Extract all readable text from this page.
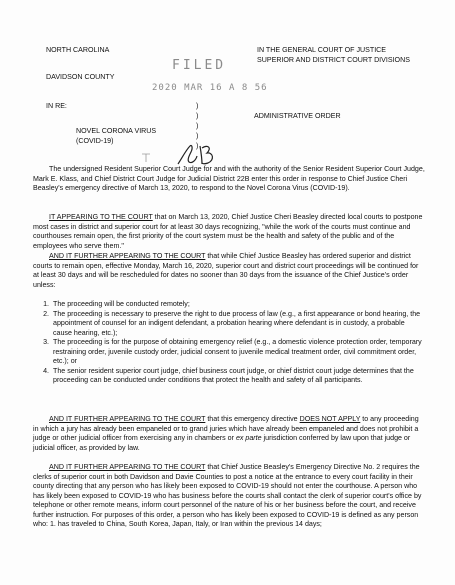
NORTH CAROLINA
DAVIDSON COUNTY
IN THE GENERAL COURT OF JUSTICE
SUPERIOR AND DISTRICT COURT DIVISIONS
IN RE:
NOVEL CORONA VIRUS
(COVID-19)
)
)
)
)
)
ADMINISTRATIVE ORDER
FILED
2020 MAR 16 A 8 56
The undersigned Resident Superior Court Judge for and with the authority of the Senior Resident Superior Court Judge, Mark E. Klass, and Chief District Court Judge for Judicial District 22B enter this order in response to Chief Justice Cheri Beasley's emergency directive of March 13, 2020, to respond to the Novel Corona Virus (COVID-19).
IT APPEARING TO THE COURT that on March 13, 2020, Chief Justice Cheri Beasley directed local courts to postpone most cases in district and superior court for at least 30 days recognizing, "while the work of the courts must continue and courthouses remain open, the first priority of the court system must be the health and safety of the public and of the employees who serve them."
AND IT FURTHER APPEARING TO THE COURT that while Chief Justice Beasley has ordered superior and district courts to remain open, effective Monday, March 16, 2020, superior court and district court proceedings will be continued for at least 30 days and will be rescheduled for dates no sooner than 30 days from the issuance of the Chief Justice's order unless:
1. The proceeding will be conducted remotely;
2. The proceeding is necessary to preserve the right to due process of law (e.g., a first appearance or bond hearing, the appointment of counsel for an indigent defendant, a probation hearing where defendant is in custody, a probable cause hearing, etc.);
3. The proceeding is for the purpose of obtaining emergency relief (e.g., a domestic violence protection order, temporary restraining order, juvenile custody order, judicial consent to juvenile medical treatment order, civil commitment order, etc.); or
4. The senior resident superior court judge, chief business court judge, or chief district court judge determines that the proceeding can be conducted under conditions that protect the health and safety of all participants.
AND IT FURTHER APPEARING TO THE COURT that this emergency directive DOES NOT APPLY to any proceeding in which a jury has already been empaneled or to grand juries which have already been empaneled and does not prohibit a judge or other judicial officer from exercising any in chambers or ex parte jurisdiction conferred by law upon that judge or judicial officer, as provided by law.
AND IT FURTHER APPEARING TO THE COURT that Chief Justice Beasley's Emergency Directive No. 2 requires the clerks of superior court in both Davidson and Davie Counties to post a notice at the entrance to every court facility in their county directing that any person who has likely been exposed to COVID-19 should not enter the courthouse. A person who has likely been exposed to COVID-19 who has business before the courts shall contact the clerk of superior court's office by telephone or other remote means, inform court personnel of the nature of his or her business before the court, and receive further instruction. For purposes of this order, a person who has likely been exposed to COVID-19 is defined as any person who: 1. has traveled to China, South Korea, Japan, Italy, or Iran within the previous 14 days;
